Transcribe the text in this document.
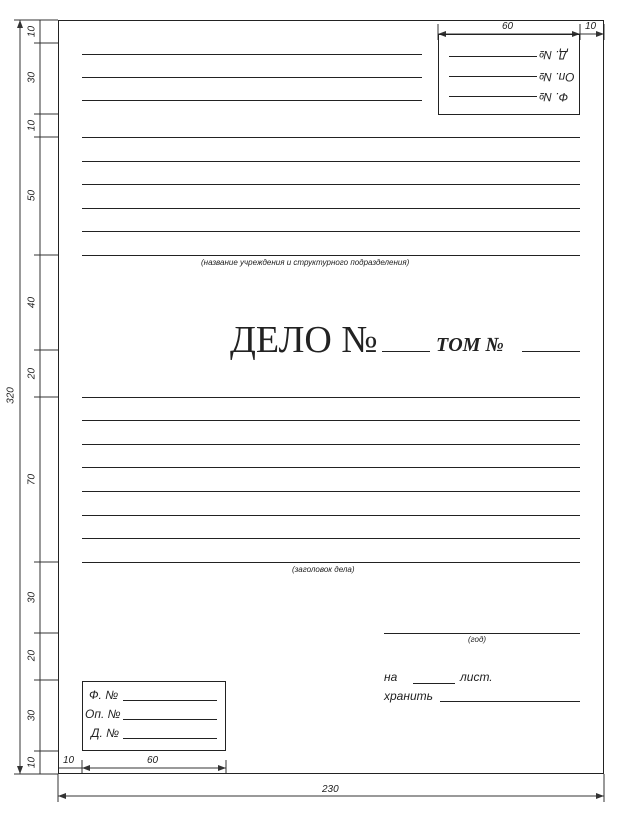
10
30
10
50
40
20
70
30
20
30
10
320
60	10
10	60
230
Д. №
Оп. №
Ф. №
(название учреждения и структурного подразделения)
ДЕЛО №	ТОМ №
(заголовок дела)
(год)
на	лист.
хранить
Ф. №
Оп. №
Д. №
